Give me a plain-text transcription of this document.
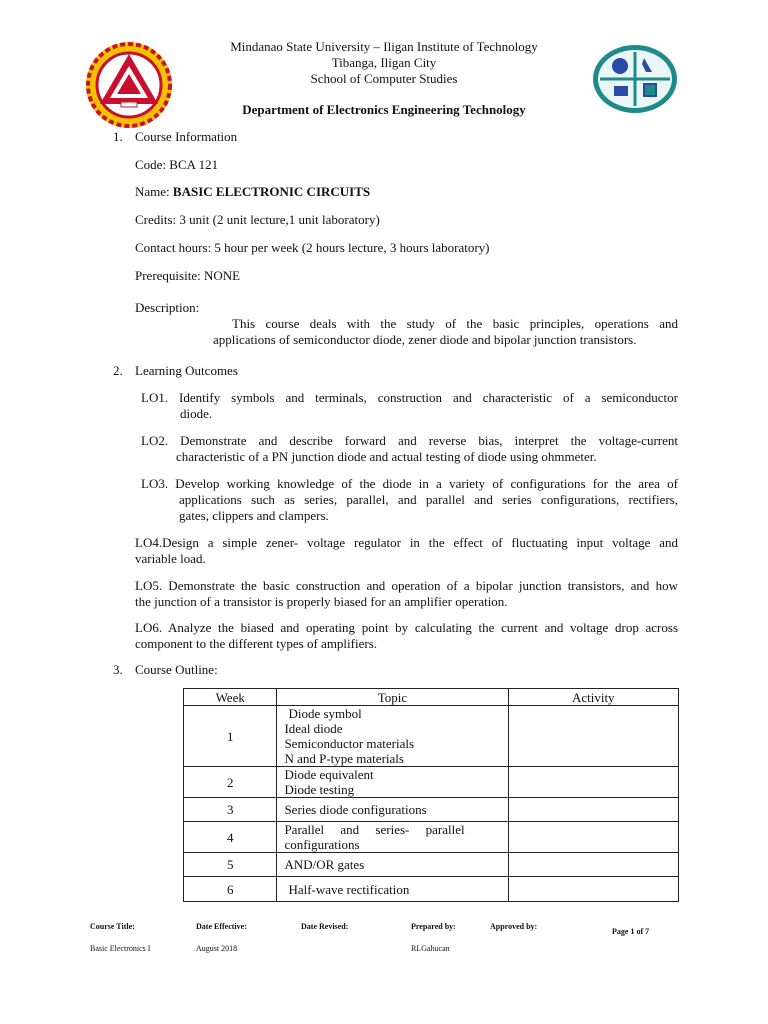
Mindanao State University – Iligan Institute of Technology
Tibanga, Iligan City
School of Computer Studies
Department of Electronics Engineering Technology
1. Course Information
Code: BCA 121
Name: BASIC ELECTRONIC CIRCUITS
Credits: 3 unit (2 unit lecture,1 unit laboratory)
Contact hours: 5 hour per week (2 hours lecture, 3 hours laboratory)
Prerequisite: NONE
Description:
This course deals with the study of the basic principles, operations and
applications of semiconductor diode, zener diode and bipolar junction transistors.
2. Learning Outcomes
LO1. Identify symbols and terminals, construction and characteristic of a semiconductor
diode.
LO2. Demonstrate and describe forward and reverse bias, interpret the voltage-current
characteristic of a PN junction diode and actual testing of diode using ohmmeter.
LO3. Develop working knowledge of the diode in a variety of configurations for the area of
applications such as series, parallel, and parallel and series configurations, rectifiers,
gates, clippers and clampers.
LO4.Design a simple zener- voltage regulator in the effect of fluctuating input voltage and
variable load.
LO5. Demonstrate the basic construction and operation of a bipolar junction transistors, and how
the junction of a transistor is properly biased for an amplifier operation.
LO6. Analyze the biased and operating point by calculating the current and voltage drop across
component to the different types of amplifiers.
3. Course Outline:
Week	Topic	Activity
1	Diode symbol
Ideal diode
Semiconductor materials
N and P-type materials	

2	Diode equivalent
Diode testing	

3	Series diode configurations	

4	Parallel     and     series-     parallel
configurations	

5	AND/OR gates	

6	Half-wave rectification	

Course Title:
Basic Electronics I
Date Effective:
August 2018
Date Revised:	Prepared by:
RLGahucan
Approved by:
Page 1 of 7
